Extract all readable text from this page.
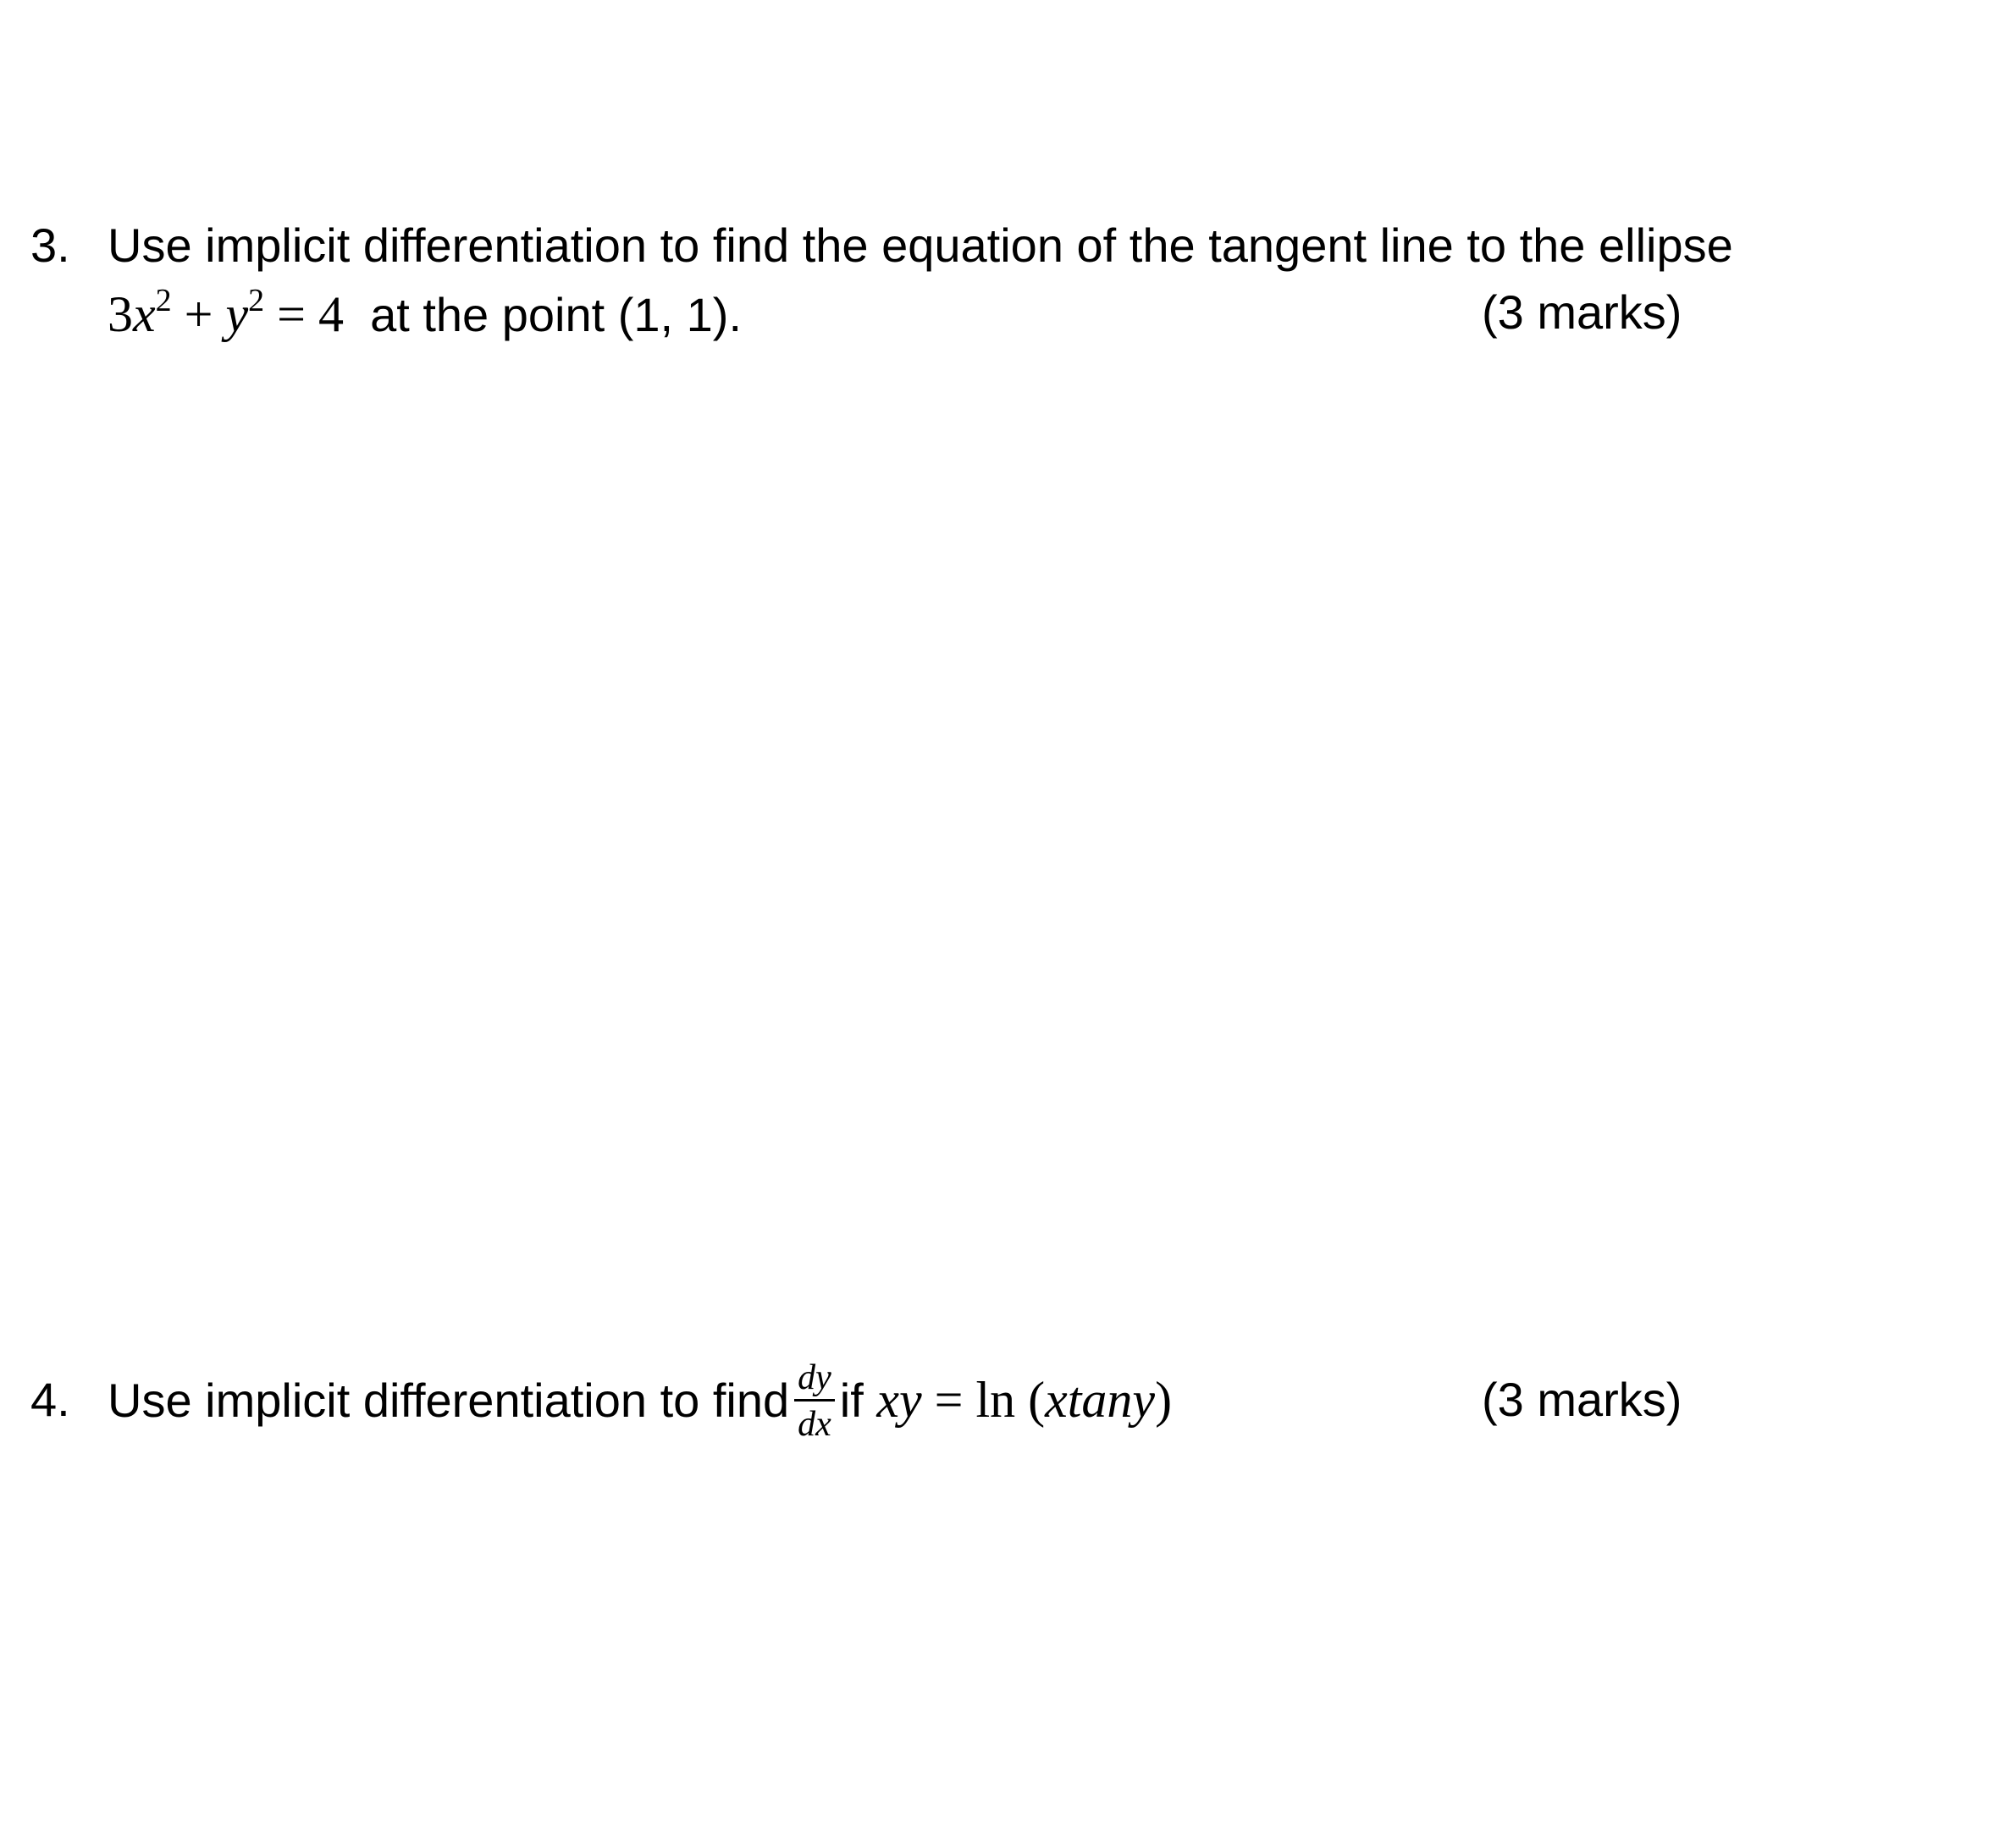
3. Use implicit differentiation to find the equation of the tangent line to the ellipse
$3x^2 + y^2 = 4$ at the point (1, 1).	(3 marks)
4. Use implicit differentiation to find $\frac{dy}{dx}$ if xy = ln (xtany)	(3 marks)
